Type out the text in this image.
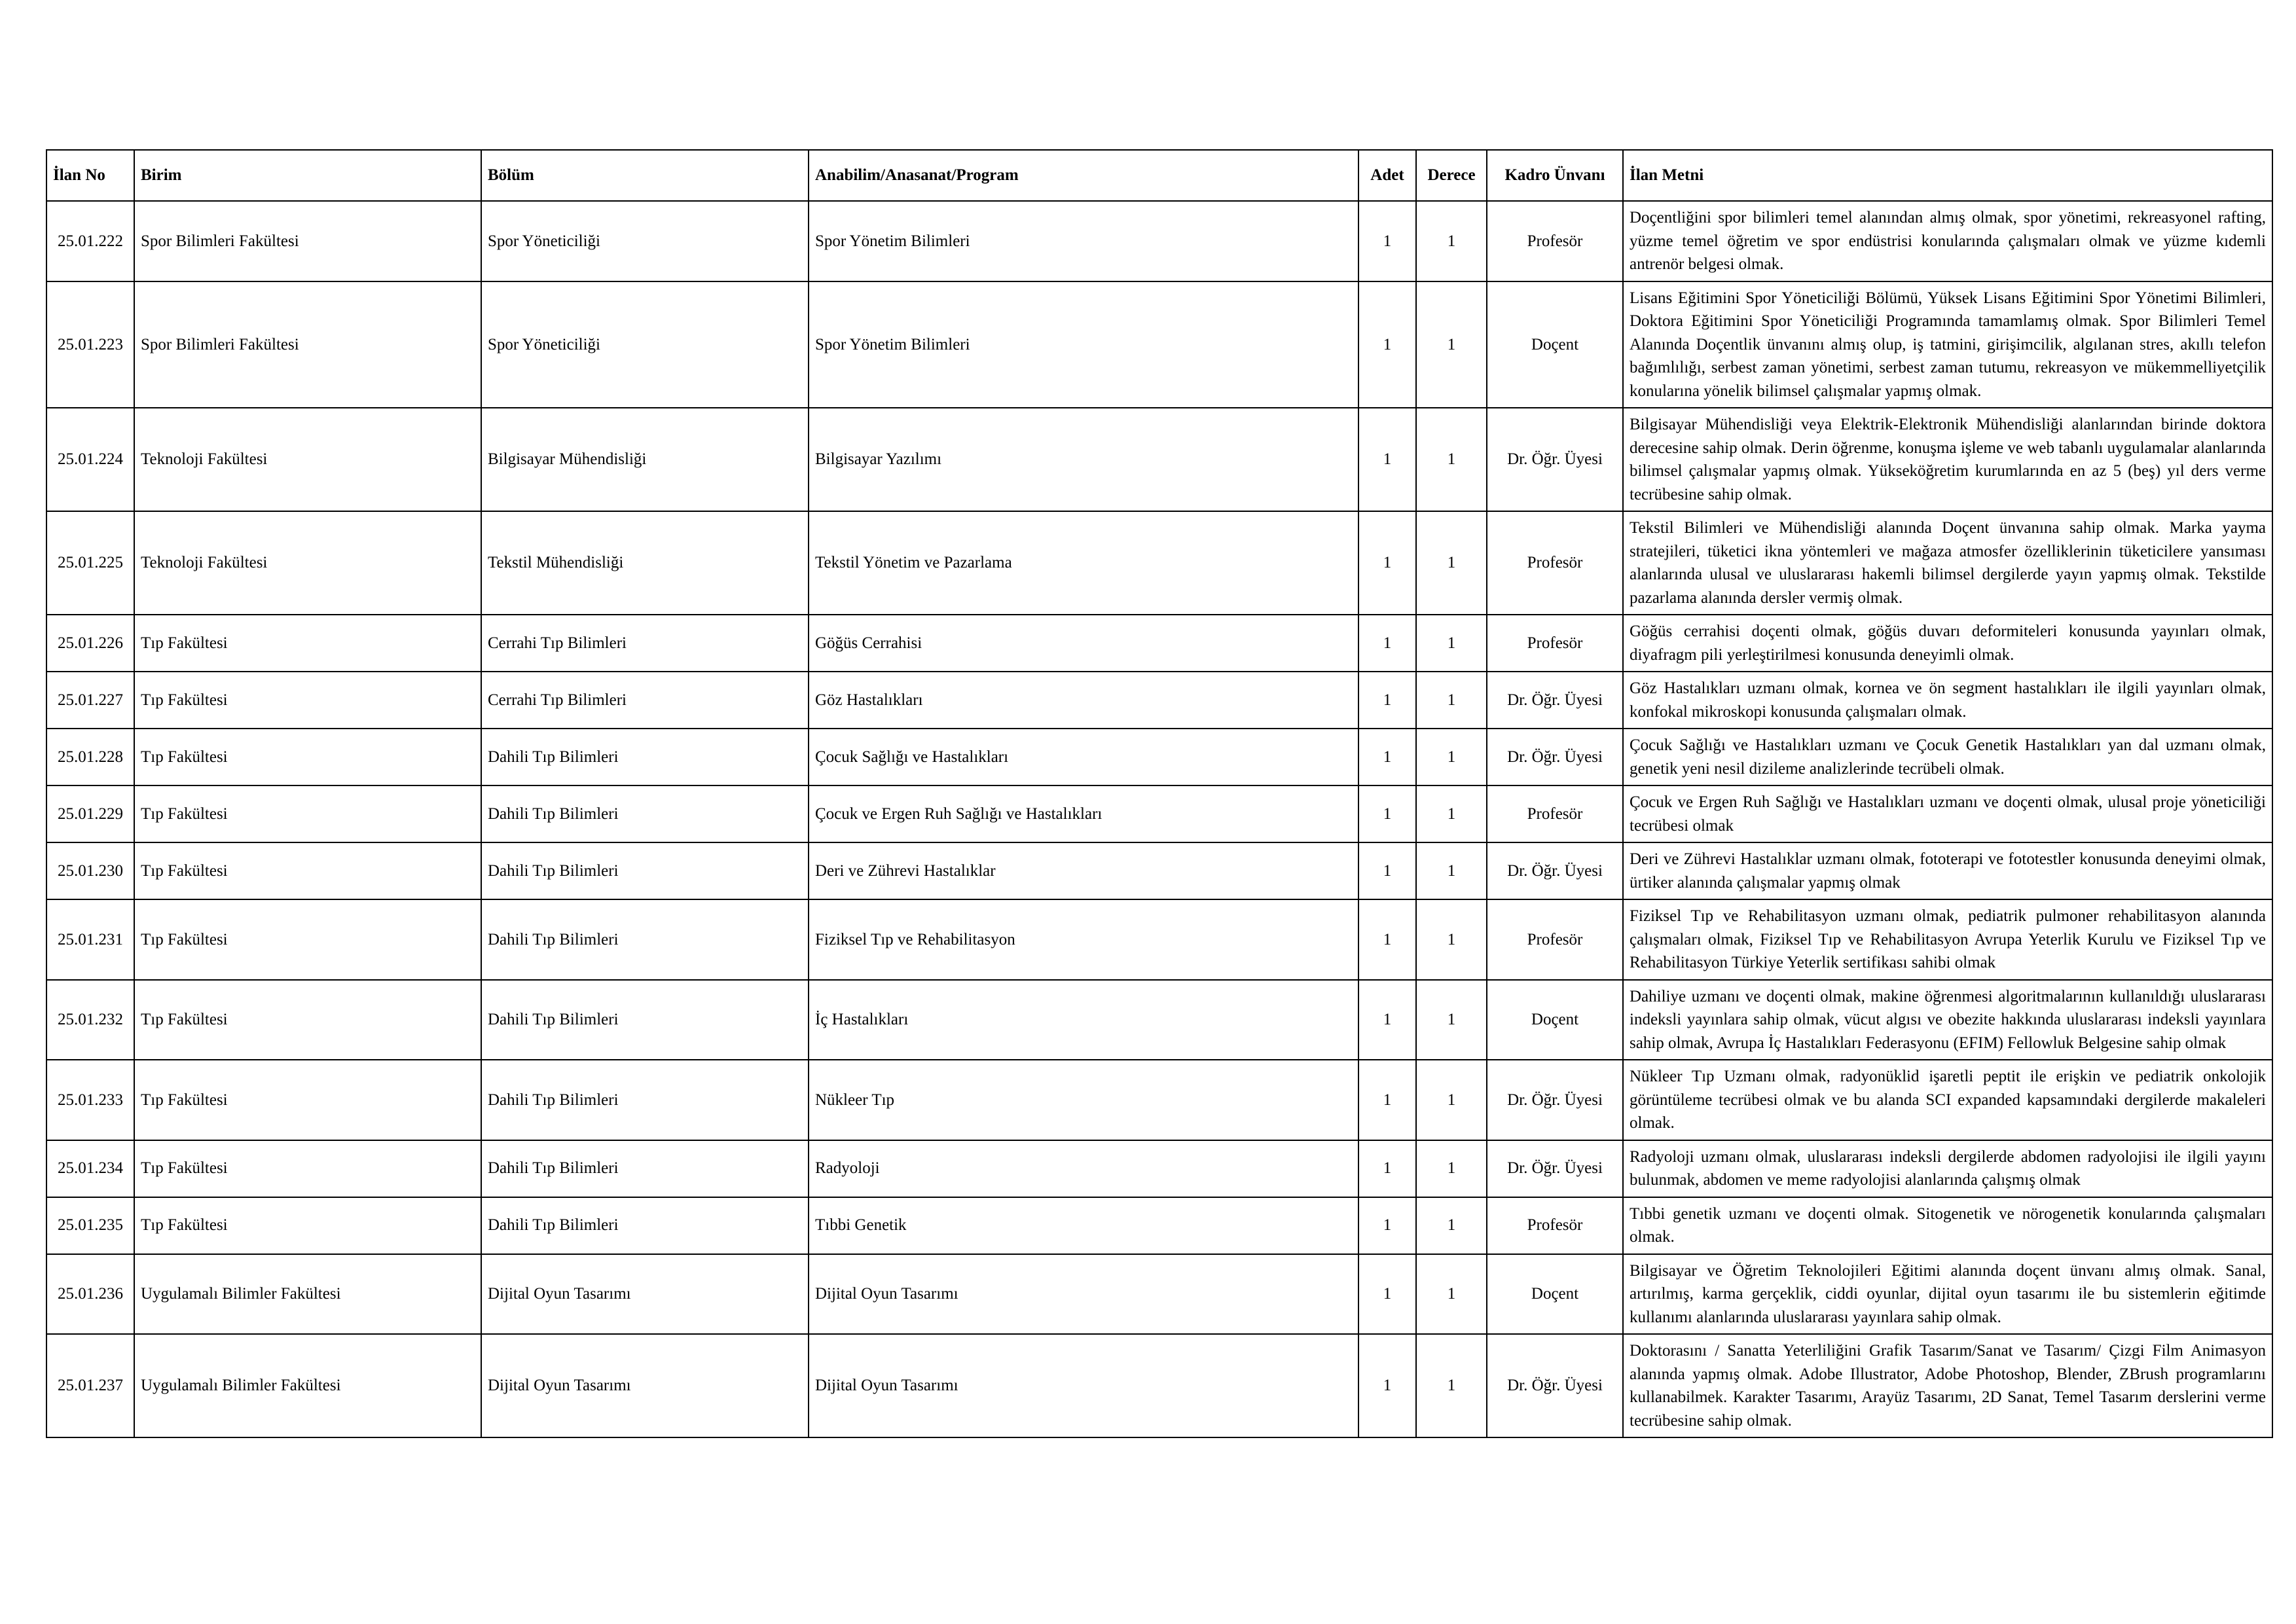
İlan No	Birim	Bölüm	Anabilim/Anasanat/Program	Adet	Derece	Kadro Ünvanı	İlan Metni
25.01.222	Spor Bilimleri Fakültesi	Spor Yöneticiliği	Spor Yönetim Bilimleri	1	1	Profesör	Doçentliğini spor bilimleri temel alanından almış olmak, spor yönetimi, rekreasyonel rafting, yüzme temel öğretim ve spor endüstrisi konularında çalışmaları olmak ve yüzme kıdemli antrenör belgesi olmak.
25.01.223	Spor Bilimleri Fakültesi	Spor Yöneticiliği	Spor Yönetim Bilimleri	1	1	Doçent	Lisans Eğitimini Spor Yöneticiliği Bölümü, Yüksek Lisans Eğitimini Spor Yönetimi Bilimleri, Doktora Eğitimini Spor Yöneticiliği Programında tamamlamış olmak. Spor Bilimleri Temel Alanında Doçentlik ünvanını almış olup, iş tatmini, girişimcilik, algılanan stres, akıllı telefon bağımlılığı, serbest zaman yönetimi, serbest zaman tutumu, rekreasyon ve mükemmelliyetçilik konularına yönelik bilimsel çalışmalar yapmış olmak.
25.01.224	Teknoloji Fakültesi	Bilgisayar Mühendisliği	Bilgisayar Yazılımı	1	1	Dr. Öğr. Üyesi	Bilgisayar Mühendisliği veya Elektrik-Elektronik Mühendisliği alanlarından birinde doktora derecesine sahip olmak. Derin öğrenme, konuşma işleme ve web tabanlı uygulamalar alanlarında bilimsel çalışmalar yapmış olmak. Yükseköğretim kurumlarında en az 5 (beş) yıl ders verme tecrübesine sahip olmak.
25.01.225	Teknoloji Fakültesi	Tekstil Mühendisliği	Tekstil Yönetim ve Pazarlama	1	1	Profesör	Tekstil Bilimleri ve Mühendisliği alanında Doçent ünvanına sahip olmak. Marka yayma stratejileri, tüketici ikna yöntemleri ve mağaza atmosfer özelliklerinin tüketicilere yansıması alanlarında ulusal ve uluslararası hakemli bilimsel dergilerde yayın yapmış olmak. Tekstilde pazarlama alanında dersler vermiş olmak.
25.01.226	Tıp Fakültesi	Cerrahi Tıp Bilimleri	Göğüs Cerrahisi	1	1	Profesör	Göğüs cerrahisi doçenti olmak, göğüs duvarı deformiteleri konusunda yayınları olmak, diyafragm pili yerleştirilmesi konusunda deneyimli olmak.
25.01.227	Tıp Fakültesi	Cerrahi Tıp Bilimleri	Göz Hastalıkları	1	1	Dr. Öğr. Üyesi	Göz Hastalıkları uzmanı olmak, kornea ve ön segment hastalıkları ile ilgili yayınları olmak, konfokal mikroskopi konusunda çalışmaları olmak.
25.01.228	Tıp Fakültesi	Dahili Tıp Bilimleri	Çocuk Sağlığı ve Hastalıkları	1	1	Dr. Öğr. Üyesi	Çocuk Sağlığı ve Hastalıkları uzmanı ve Çocuk Genetik Hastalıkları yan dal uzmanı olmak, genetik yeni nesil dizileme analizlerinde tecrübeli olmak.
25.01.229	Tıp Fakültesi	Dahili Tıp Bilimleri	Çocuk ve Ergen Ruh Sağlığı ve Hastalıkları	1	1	Profesör	Çocuk ve Ergen Ruh Sağlığı ve Hastalıkları uzmanı ve doçenti olmak, ulusal proje yöneticiliği tecrübesi olmak
25.01.230	Tıp Fakültesi	Dahili Tıp Bilimleri	Deri ve Zührevi Hastalıklar	1	1	Dr. Öğr. Üyesi	Deri ve Zührevi Hastalıklar uzmanı olmak, fototerapi ve fototestler konusunda deneyimi olmak, ürtiker alanında çalışmalar yapmış olmak
25.01.231	Tıp Fakültesi	Dahili Tıp Bilimleri	Fiziksel Tıp ve Rehabilitasyon	1	1	Profesör	Fiziksel Tıp ve Rehabilitasyon uzmanı olmak, pediatrik pulmoner rehabilitasyon alanında çalışmaları olmak, Fiziksel Tıp ve Rehabilitasyon Avrupa Yeterlik Kurulu ve Fiziksel Tıp ve Rehabilitasyon Türkiye Yeterlik sertifikası sahibi olmak
25.01.232	Tıp Fakültesi	Dahili Tıp Bilimleri	İç Hastalıkları	1	1	Doçent	Dahiliye uzmanı ve doçenti olmak, makine öğrenmesi algoritmalarının kullanıldığı uluslararası indeksli yayınlara sahip olmak, vücut algısı ve obezite hakkında uluslararası indeksli yayınlara sahip olmak, Avrupa İç Hastalıkları Federasyonu (EFIM) Fellowluk Belgesine sahip olmak
25.01.233	Tıp Fakültesi	Dahili Tıp Bilimleri	Nükleer Tıp	1	1	Dr. Öğr. Üyesi	Nükleer Tıp Uzmanı olmak, radyonüklid işaretli peptit ile erişkin ve pediatrik onkolojik görüntüleme tecrübesi olmak ve bu alanda SCI expanded kapsamındaki dergilerde makaleleri olmak.
25.01.234	Tıp Fakültesi	Dahili Tıp Bilimleri	Radyoloji	1	1	Dr. Öğr. Üyesi	Radyoloji uzmanı olmak, uluslararası indeksli dergilerde abdomen radyolojisi ile ilgili yayını bulunmak, abdomen ve meme radyolojisi alanlarında çalışmış olmak
25.01.235	Tıp Fakültesi	Dahili Tıp Bilimleri	Tıbbi Genetik	1	1	Profesör	Tıbbi genetik uzmanı ve doçenti olmak. Sitogenetik ve nörogenetik konularında çalışmaları olmak.
25.01.236	Uygulamalı Bilimler Fakültesi	Dijital Oyun Tasarımı	Dijital Oyun Tasarımı	1	1	Doçent	Bilgisayar ve Öğretim Teknolojileri Eğitimi alanında doçent ünvanı almış olmak. Sanal, artırılmış, karma gerçeklik, ciddi oyunlar, dijital oyun tasarımı ile bu sistemlerin eğitimde kullanımı alanlarında uluslararası yayınlara sahip olmak.
25.01.237	Uygulamalı Bilimler Fakültesi	Dijital Oyun Tasarımı	Dijital Oyun Tasarımı	1	1	Dr. Öğr. Üyesi	Doktorasını / Sanatta Yeterliliğini Grafik Tasarım/Sanat ve Tasarım/ Çizgi Film Animasyon alanında yapmış olmak. Adobe Illustrator, Adobe Photoshop, Blender, ZBrush programlarını kullanabilmek. Karakter Tasarımı, Arayüz Tasarımı, 2D Sanat, Temel Tasarım derslerini verme tecrübesine sahip olmak.
